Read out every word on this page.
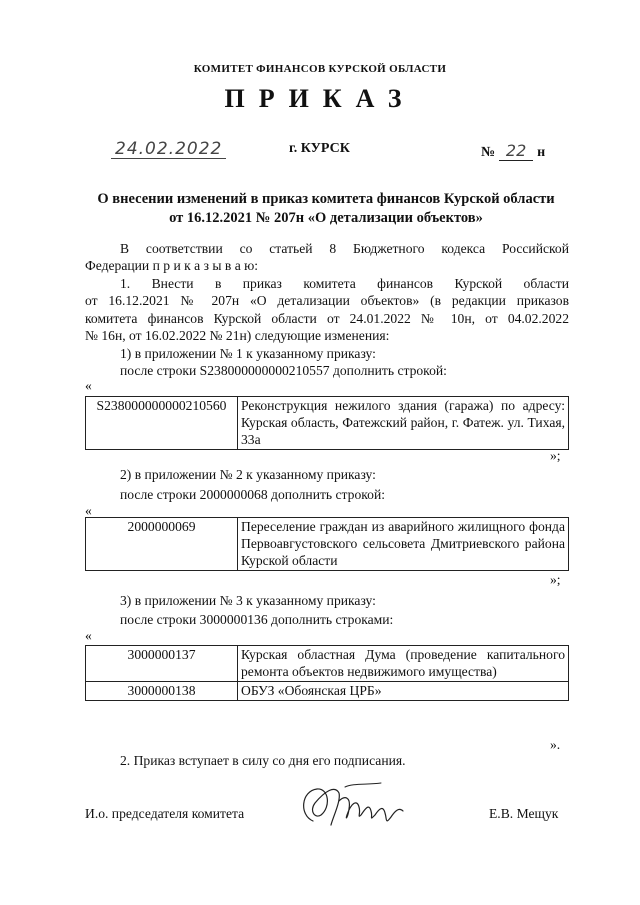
КОМИТЕТ ФИНАНСОВ КУРСКОЙ ОБЛАСТИ
ПРИКАЗ
24.02.2022	г. КУРСК	№ 22 н
О внесении изменений в приказ комитета финансов Курской области
от 16.12.2021 № 207н «О детализации объектов»
В соответствии со статьей 8 Бюджетного кодекса Российской
Федерации п р и к а з ы в а ю:
1. Внести в приказ комитета финансов Курской области
от 16.12.2021 № 207н «О детализации объектов» (в редакции приказов
комитета финансов Курской области от 24.01.2022 № 10н, от 04.02.2022
№ 16н, от 16.02.2022 № 21н) следующие изменения:
1) в приложении № 1 к указанному приказу:
после строки S238000000000210557 дополнить строкой:
«
S238000000000210560	Реконструкция нежилого здания (гаража) по адресу: Курская область, Фатежский район, г. Фатеж. ул. Тихая, 33а
»;
2) в приложении № 2 к указанному приказу:
после строки 2000000068 дополнить строкой:
«
2000000069	Переселение граждан из аварийного жилищного фонда Первоавгустовского сельсовета Дмитриевского района Курской области
»;
3) в приложении № 3 к указанному приказу:
после строки 3000000136 дополнить строками:
«
3000000137	Курская областная Дума (проведение капитального ремонта объектов недвижимого имущества)
3000000138	ОБУЗ «Обоянская ЦРБ»
».
2. Приказ вступает в силу со дня его подписания.
И.о. председателя комитета	Е.В. Мещук
